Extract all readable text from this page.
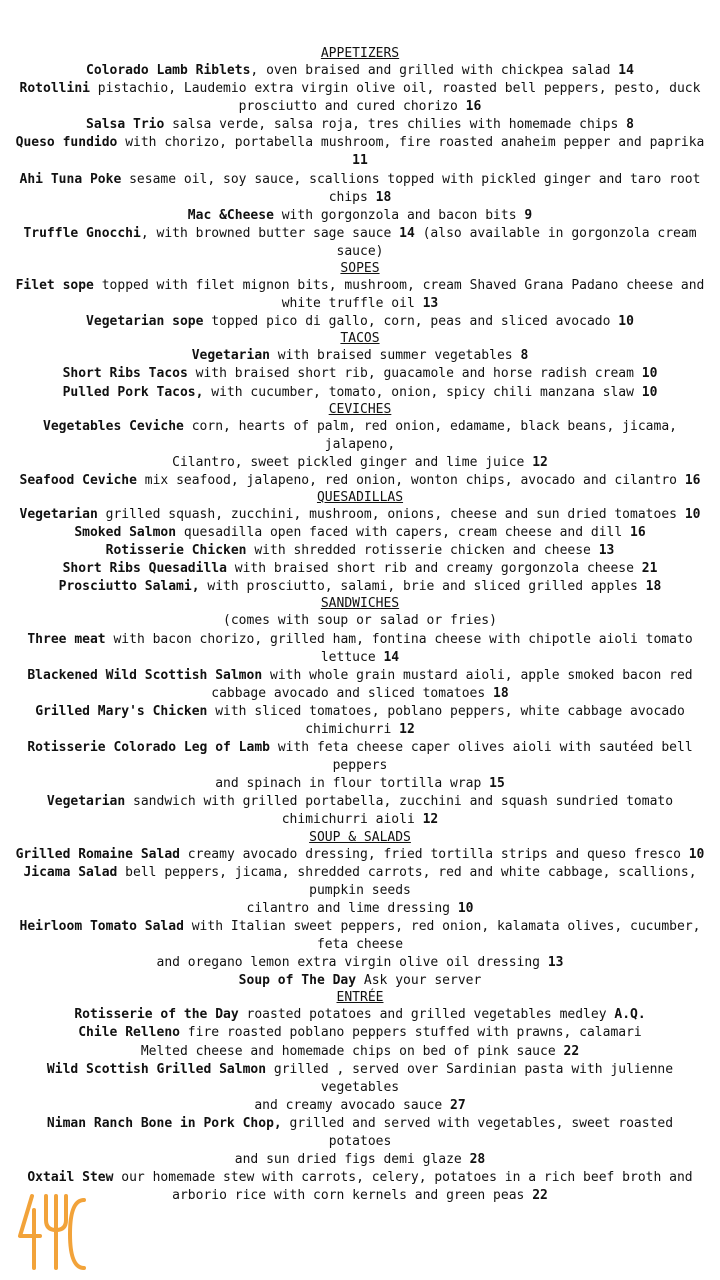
APPETIZERS

Colorado Lamb Riblets, oven braised and grilled with chickpea salad 14

Rotollini pistachio, Laudemio extra virgin olive oil, roasted bell peppers, pesto, duck prosciutto and cured chorizo 16

Salsa Trio salsa verde, salsa roja, tres chilies with homemade chips 8

Queso fundido with chorizo, portabella mushroom, fire roasted anaheim pepper and paprika 11

Ahi Tuna Poke sesame oil, soy sauce, scallions topped with pickled ginger and taro root chips 18

Mac &Cheese with gorgonzola and bacon bits 9

Truffle Gnocchi, with browned butter sage sauce 14 (also available in gorgonzola cream sauce)

SOPES

Filet sope topped with filet mignon bits, mushroom, cream Shaved Grana Padano cheese and white truffle oil 13

Vegetarian sope topped pico di gallo, corn, peas and sliced avocado 10

TACOS

Vegetarian with braised summer vegetables 8

Short Ribs Tacos with braised short rib, guacamole and horse radish cream 10

Pulled Pork Tacos, with cucumber, tomato, onion, spicy chili manzana slaw 10

CEVICHES

Vegetables Ceviche corn, hearts of palm, red onion, edamame, black beans, jicama, jalapeno,
Cilantro, sweet pickled ginger and lime juice 12

Seafood Ceviche mix seafood, jalapeno, red onion, wonton chips, avocado and cilantro 16

QUESADILLAS

Vegetarian grilled squash, zucchini, mushroom, onions, cheese and sun dried tomatoes 10

Smoked Salmon quesadilla open faced with capers, cream cheese and dill 16

Rotisserie Chicken with shredded rotisserie chicken and cheese 13

Short Ribs Quesadilla with braised short rib and creamy gorgonzola cheese 21

Prosciutto Salami, with prosciutto, salami, brie and sliced grilled apples 18

SANDWICHES

(comes with soup or salad or fries)

Three meat with bacon chorizo, grilled ham, fontina cheese with chipotle aioli tomato lettuce 14

Blackened Wild Scottish Salmon with whole grain mustard aioli, apple smoked bacon red cabbage avocado and sliced tomatoes 18

Grilled Mary's Chicken with sliced tomatoes, poblano peppers, white cabbage avocado chimichurri 12

Rotisserie Colorado Leg of Lamb with feta cheese caper olives aioli with sautéed bell peppers
and spinach in flour tortilla wrap 15

Vegetarian sandwich with grilled portabella, zucchini and squash sundried tomato chimichurri aioli 12

SOUP & SALADS

Grilled Romaine Salad creamy avocado dressing, fried tortilla strips and queso fresco 10

Jicama Salad bell peppers, jicama, shredded carrots, red and white cabbage, scallions, pumpkin seeds
cilantro and lime dressing 10

Heirloom Tomato Salad with Italian sweet peppers, red onion, kalamata olives, cucumber, feta cheese
and oregano lemon extra virgin olive oil dressing 13

Soup of The Day Ask your server

ENTRÉE

Rotisserie of the Day roasted potatoes and grilled vegetables medley A.Q.

Chile Relleno fire roasted poblano peppers stuffed with prawns, calamari
Melted cheese and homemade chips on bed of pink sauce 22

Wild Scottish Grilled Salmon grilled , served over Sardinian pasta with julienne vegetables
and creamy avocado sauce 27

Niman Ranch Bone in Pork Chop, grilled and served with vegetables, sweet roasted potatoes
and sun dried figs demi glaze 28

Oxtail Stew our homemade stew with carrots, celery, potatoes in a rich beef broth and arborio rice with corn kernels and green peas 22
